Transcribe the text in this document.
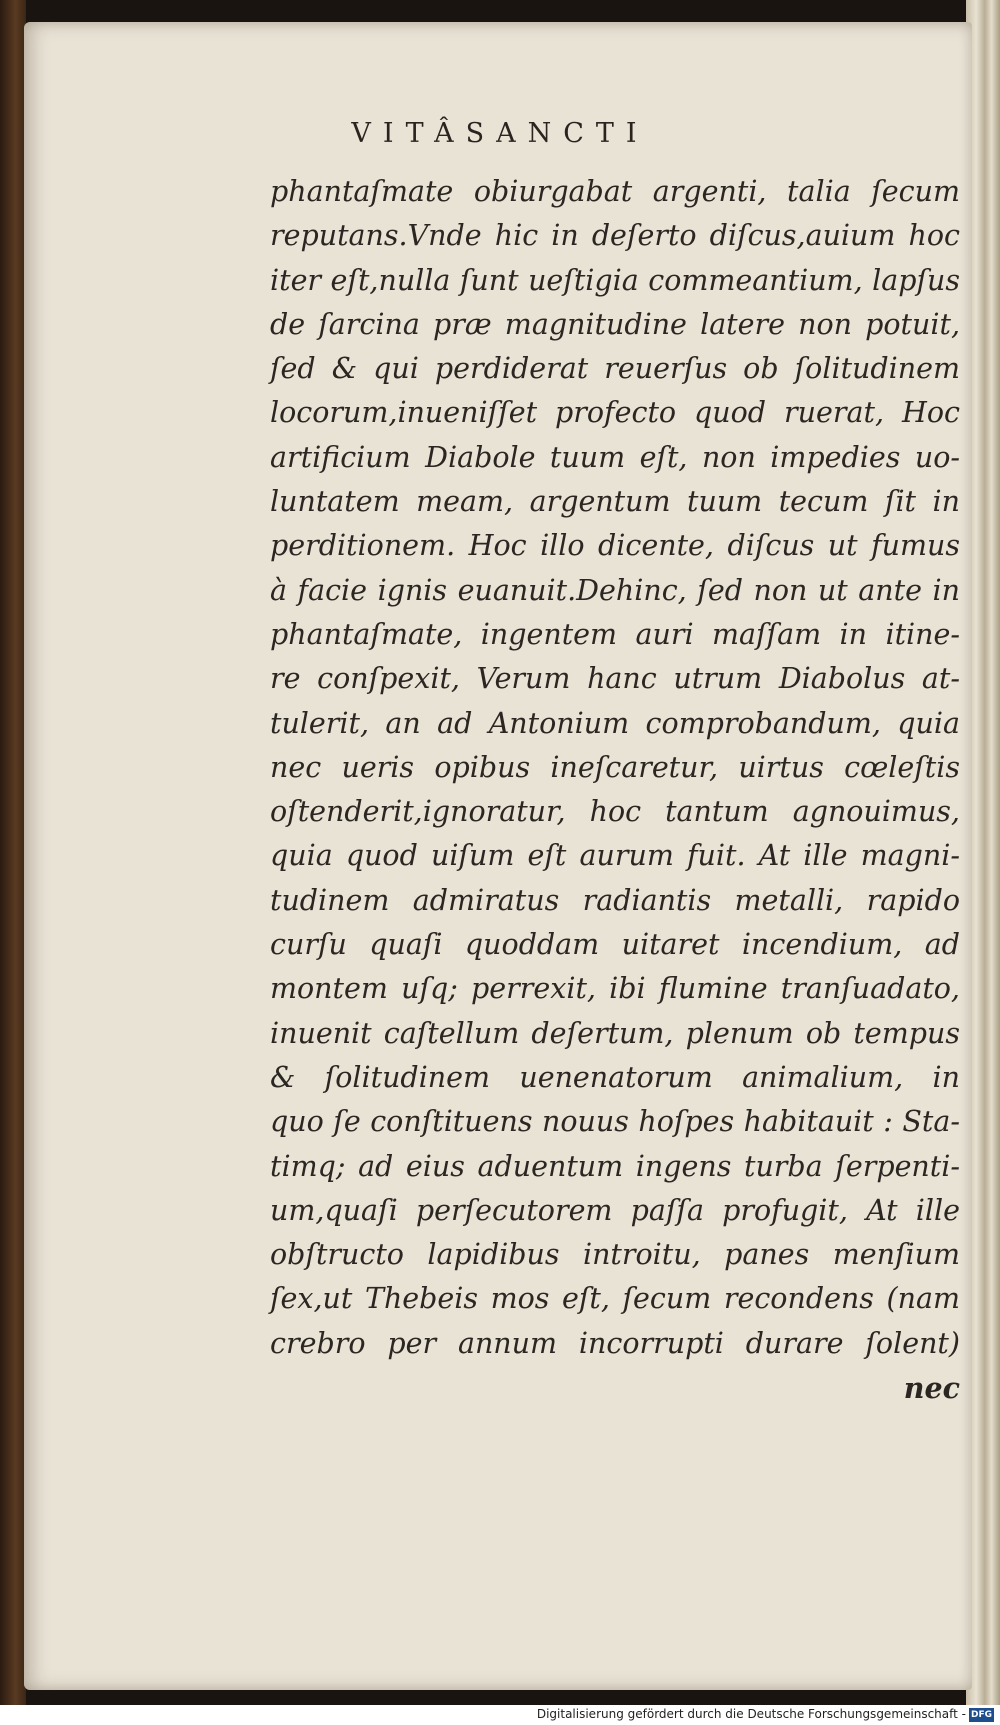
VITÂSANCTI
phantaſmate obiurgabat argenti, talia ſecum
reputans.Vnde hic in deſerto diſcus,auium hoc
iter eſt,nulla ſunt ueſtigia commeantium, lapſus
de ſarcina præ magnitudine latere non potuit,
ſed & qui perdiderat reuerſus ob ſolitudinem
locorum,inueniſſet profecto quod ruerat, Hoc
artificium Diabole tuum eſt, non impedies uo-
luntatem meam, argentum tuum tecum ſit in
perditionem. Hoc illo dicente, diſcus ut fumus
à facie ignis euanuit.Dehinc, ſed non ut ante in
phantaſmate, ingentem auri maſſam in itine-
re conſpexit, Verum hanc utrum Diabolus at-
tulerit, an ad Antonium comprobandum, quia
nec ueris opibus ineſcaretur, uirtus cœleſtis
oſtenderit,ignoratur, hoc tantum agnouimus,
quia quod uiſum eſt aurum fuit. At ille magni-
tudinem admiratus radiantis metalli, rapido
curſu quaſi quoddam uitaret incendium, ad
montem uſq; perrexit, ibi flumine tranſuadato,
inuenit caſtellum deſertum, plenum ob tempus
& ſolitudinem uenenatorum animalium, in
quo ſe conſtituens nouus hoſpes habitauit : Sta-
timq; ad eius aduentum ingens turba ſerpenti-
um,quaſi perſecutorem paſſa profugit, At ille
obſtructo lapidibus introitu, panes menſium
ſex,ut Thebeis mos eſt, ſecum recondens (nam
crebro per annum incorrupti durare ſolent)
nec
Digitalisierung gefördert durch die Deutsche Forschungsgemeinschaft - DFG
